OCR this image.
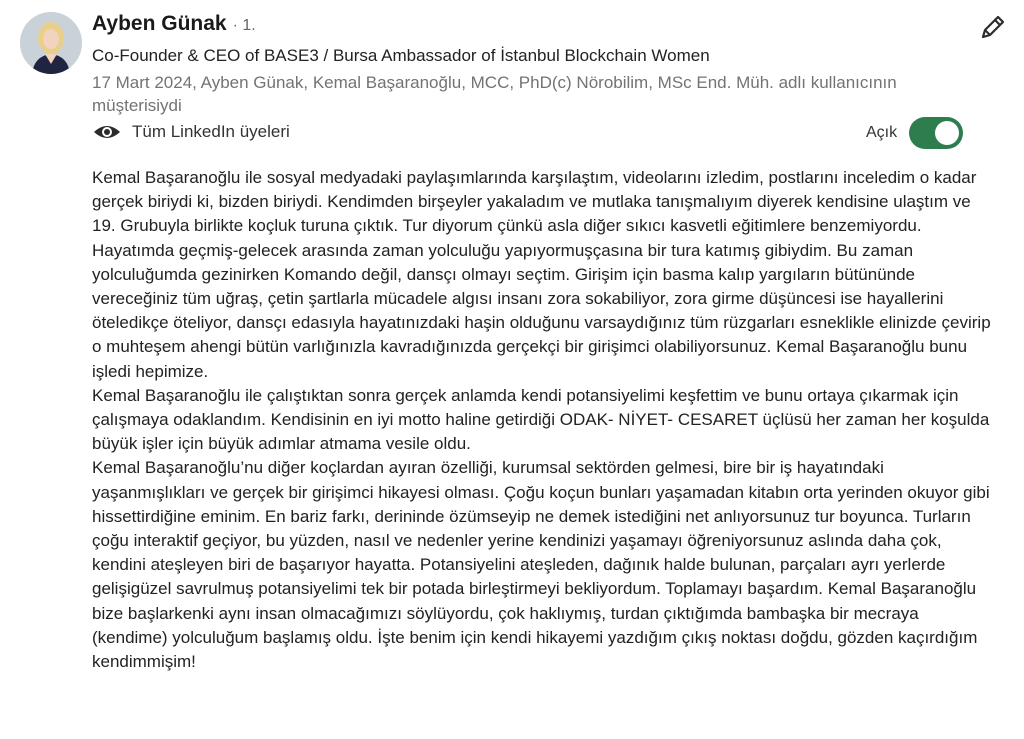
Ayben Günak · 1.
Co-Founder & CEO of BASE3 / Bursa Ambassador of İstanbul Blockchain Women
17 Mart 2024, Ayben Günak, Kemal Başaranoğlu, MCC, PhD(c) Nörobilim, MSc End. Müh. adlı kullanıcının müşterisiydi
Tüm LinkedIn üyeleri	Açık

Kemal Başaranoğlu ile sosyal medyadaki paylaşımlarında karşılaştım, videolarını izledim, postlarını inceledim o kadar gerçek biriydi ki, bizden biriydi. Kendimden birşeyler yakaladım ve mutlaka tanışmalıyım diyerek kendisine ulaştım ve 19. Grubuyla birlikte koçluk turuna çıktık. Tur diyorum çünkü asla diğer sıkıcı kasvetli eğitimlere benzemiyordu. Hayatımda geçmiş-gelecek arasında zaman yolculuğu yapıyormuşçasına bir tura katımış gibiydim. Bu zaman yolculuğumda gezinirken Komando değil, dansçı olmayı seçtim. Girişim için basma kalıp yargıların bütününde vereceğiniz tüm uğraş, çetin şartlarla mücadele algısı insanı zora sokabiliyor, zora girme düşüncesi ise hayallerini öteledikçe öteliyor, dansçı edasıyla hayatınızdaki haşin olduğunu varsaydığınız tüm rüzgarları esneklikle elinizde çevirip o muhteşem ahengi bütün varlığınızla kavradığınızda gerçekçi bir girişimci olabiliyorsunuz. Kemal Başaranoğlu bunu işledi hepimize.

Kemal Başaranoğlu ile çalıştıktan sonra gerçek anlamda kendi potansiyelimi keşfettim ve bunu ortaya çıkarmak için çalışmaya odaklandım. Kendisinin en iyi motto haline getirdiği ODAK- NİYET- CESARET üçlüsü her zaman her koşulda büyük işler için büyük adımlar atmama vesile oldu.

Kemal Başaranoğlu’nu diğer koçlardan ayıran özelliği, kurumsal sektörden gelmesi, bire bir iş hayatındaki yaşanmışlıkları ve gerçek bir girişimci hikayesi olması. Çoğu koçun bunları yaşamadan kitabın orta yerinden okuyor gibi hissettirdiğine eminim. En bariz farkı, derininde özümseyip ne demek istediğini net anlıyorsunuz tur boyunca. Turların çoğu interaktif geçiyor, bu yüzden, nasıl ve nedenler yerine kendinizi yaşamayı öğreniyorsunuz aslında daha çok, kendini ateşleyen biri de başarıyor hayatta. Potansiyelini ateşleden, dağınık halde bulunan, parçaları ayrı yerlerde gelişigüzel savrulmuş potansiyelimi tek bir potada birleştirmeyi bekliyordum. Toplamayı başardım. Kemal Başaranoğlu bize başlarkenki aynı insan olmacağımızı söylüyordu, çok haklıymış, turdan çıktığımda bambaşka bir mecraya (kendime) yolculuğum başlamış oldu. İşte benim için kendi hikayemi yazdığım çıkış noktası doğdu, gözden kaçırdığım kendimmişim!
